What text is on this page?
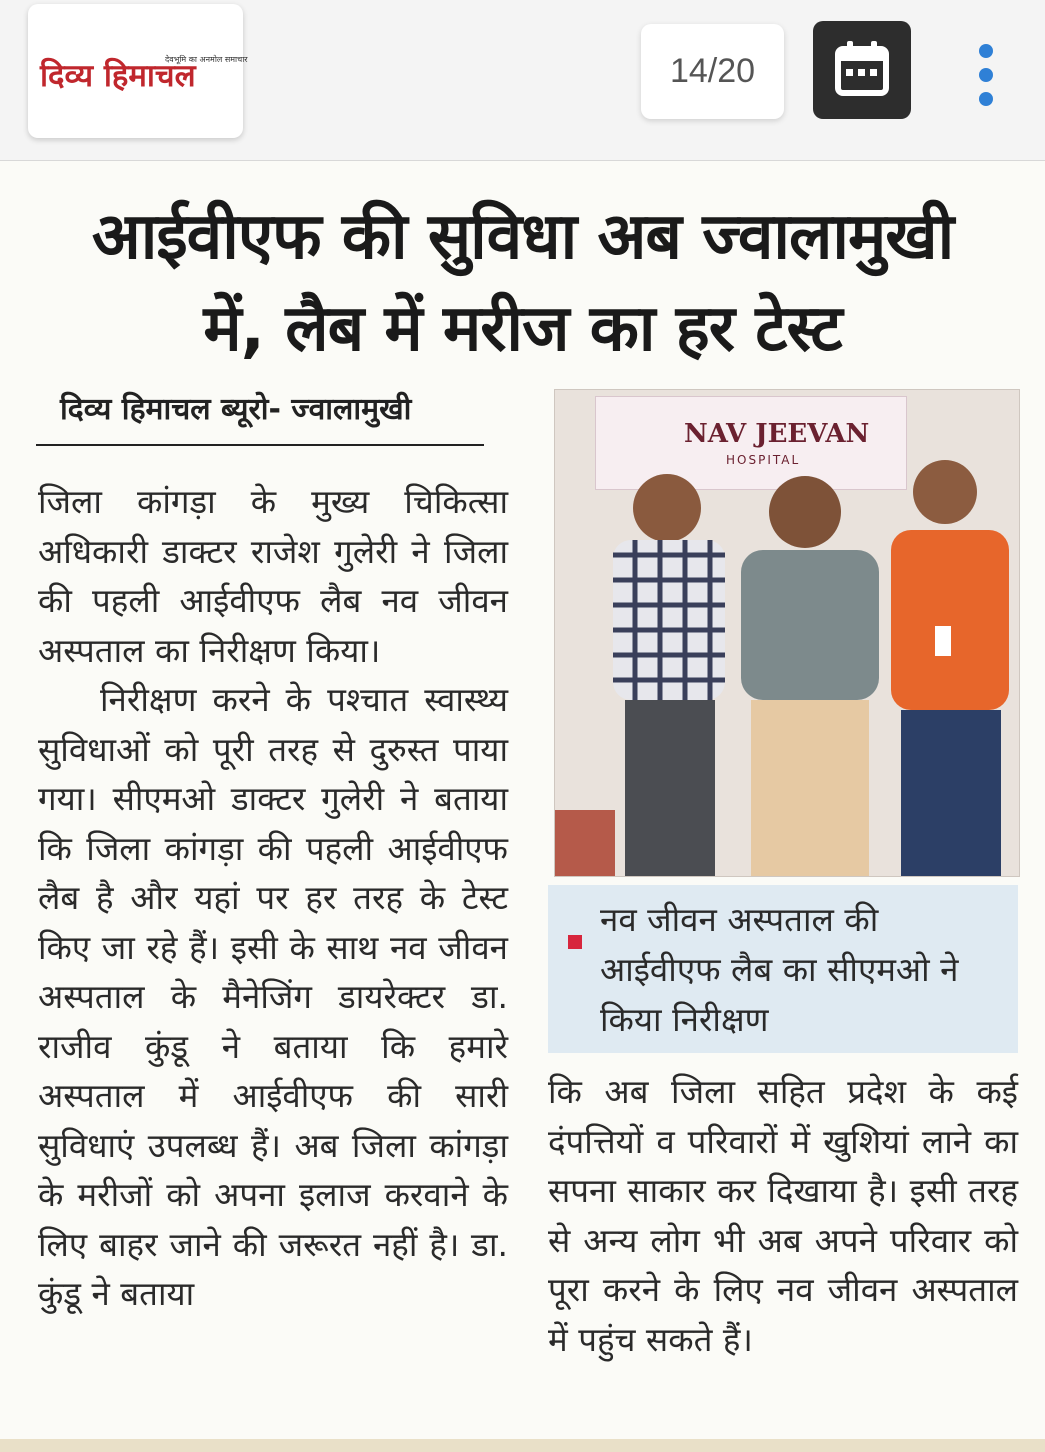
देवभूमि का अनमोल समाचार
दिव्य हिमाचल	14/20
आईवीएफ की सुविधा अब ज्वालामुखी
में, लैब में मरीज का हर टेस्ट
दिव्य हिमाचल ब्यूरो- ज्वालामुखी

जिला कांगड़ा के मुख्य चिकित्सा अधिकारी डाक्टर राजेश गुलेरी ने जिला की पहली आईवीएफ लैब नव जीवन अस्पताल का निरीक्षण किया।

निरीक्षण करने के पश्चात स्वास्थ्य सुविधाओं को पूरी तरह से दुरुस्त पाया गया। सीएमओ डाक्टर गुलेरी ने बताया कि जिला कांगड़ा की पहली आईवीएफ लैब है और यहां पर हर तरह के टेस्ट किए जा रहे हैं। इसी के साथ नव जीवन अस्पताल के मैनेजिंग डायरेक्टर डा. राजीव कुंडू ने बताया कि हमारे अस्पताल में आईवीएफ की सारी सुविधाएं उपलब्ध हैं। अब जिला कांगड़ा के मरीजों को अपना इलाज करवाने के लिए बाहर जाने की जरूरत नहीं है। डा. कुंडू ने बताया

NAV JEEVAN
HOSPITAL
नव जीवन अस्पताल की आईवीएफ लैब का सीएमओ ने किया निरीक्षण
कि अब जिला सहित प्रदेश के कई दंपत्तियों व परिवारों में खुशियां लाने का सपना साकार कर दिखाया है। इसी तरह से अन्य लोग भी अब अपने परिवार को पूरा करने के लिए नव जीवन अस्पताल में पहुंच सकते हैं।
